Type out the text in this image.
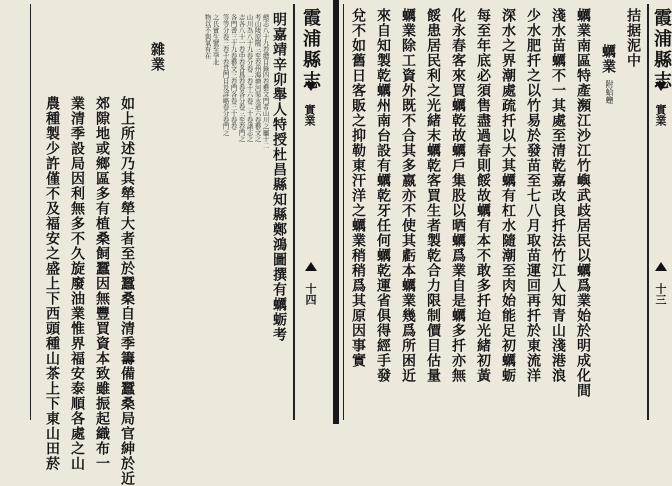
霞浦縣志
實業
十四
明嘉靖辛卯舉人特授杜昌縣知縣鄭鴻圖撰有蠣蛎考
總志八十九卷總目錄四卷藝文門者山川之屬十二
考山陵原隰三至卷州海塘河渠水道六卷藝文之
山川為八十九卷分卷二卷十六卷二十卷諸志之
志各八十一卷中卷各爲卷卷各分卷三至卷門之
各門書三十九卷藝文三卷門各卷三十卷卷
等等分卷三卷十卷其門目及詳略卷分卷門之
之氏實生號至孕北
物以不與氣有在
雜業
如上所述乃其犖犖大者至於蠶桑自清季籌備蠶桑局官紳於近
郊隙地或鄉區多有植桑飼蠶因無豐買資本致雖振起織布一
業清季設局因利無多不久旋廢油業惟界福安泰順各處之山
農種製少許僅不及福安之盛上下西頭種山茶上下東山田菸	兌不如舊日客販之抑勒東汗洋之蠣業稍稍爲其原因事實 來自知製乾蠣州南台設有蠣乾牙任何蠣乾運省俱得經手發 蠣業除工資外既不合其多嬴亦不使其虧本蠣業幾爲所困近 餒患居民利之光緒末蠣乾客買生者製乾合力限制價目估量 化永春客來買蠣乾故蠣戶集股以晒蠣爲業自是蠣多扦亦無 每至年底必須售盡過春則餒故蠣有本不敢多扦迨光緒初黃 深水之界潮處疏扦以大其蠣有杠水隨潮至肉始能足初蠣蛎 少水肥扦之以竹易於發苗至七八月取苗運回再扦於東流洋 淺水苗蠣不一其處至清乾嘉改良扦法竹江人知青山淺港浪 蠣業南區特產瀕江沙江竹嶼武歧居民以蠣爲業始於明成化間 蠣業
附蛤蟶
拮据泥中 霞浦縣志
實業
十三
